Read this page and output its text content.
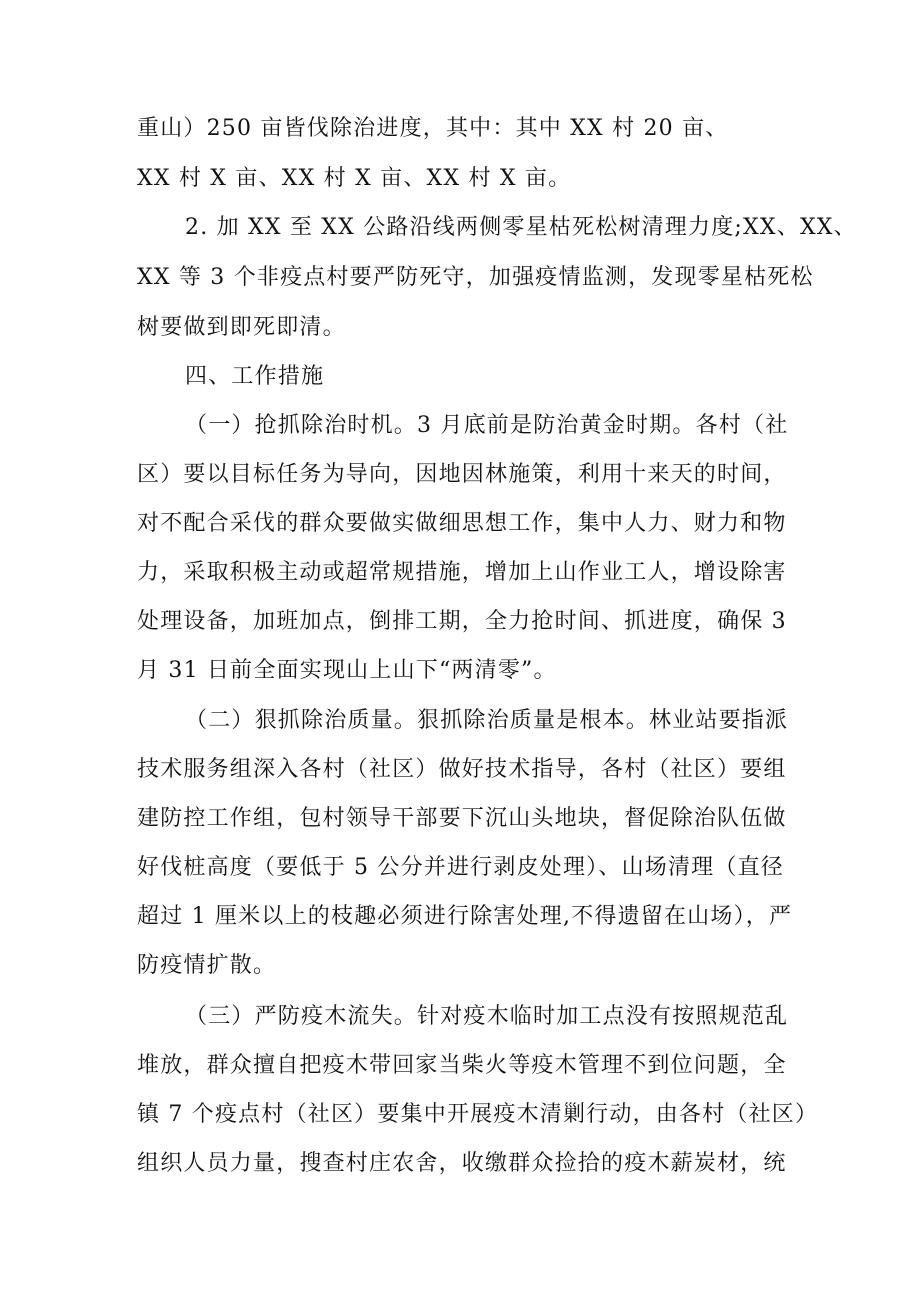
重山）250 亩皆伐除治进度，其中：其中 XX 村 20 亩、
XX 村 X 亩、XX 村 X 亩、XX 村 X 亩。
2. 加 XX 至 XX 公路沿线两侧零星枯死松树清理力度;XX、XX、
XX 等 3 个非疫点村要严防死守，加强疫情监测，发现零星枯死松
树要做到即死即清。
四、工作措施
（一）抢抓除治时机。3 月底前是防治黄金时期。各村（社
区）要以目标任务为导向，因地因林施策，利用十来天的时间，
对不配合采伐的群众要做实做细思想工作，集中人力、财力和物
力，采取积极主动或超常规措施，增加上山作业工人，增设除害
处理设备，加班加点，倒排工期，全力抢时间、抓进度，确保 3
月 31 日前全面实现山上山下“两清零”。
（二）狠抓除治质量。狠抓除治质量是根本。林业站要指派
技术服务组深入各村（社区）做好技术指导，各村（社区）要组
建防控工作组，包村领导干部要下沉山头地块，督促除治队伍做
好伐桩高度（要低于 5 公分并进行剥皮处理）、山场清理（直径
超过 1 厘米以上的枝趣必须进行除害处理,不得遗留在山场），严
防疫情扩散。
（三）严防疫木流失。针对疫木临时加工点没有按照规范乱
堆放，群众擅自把疫木带回家当柴火等疫木管理不到位问题，全
镇 7 个疫点村（社区）要集中开展疫木清剿行动，由各村（社区）
组织人员力量，搜查村庄农舍，收缴群众捡拾的疫木薪炭材，统
